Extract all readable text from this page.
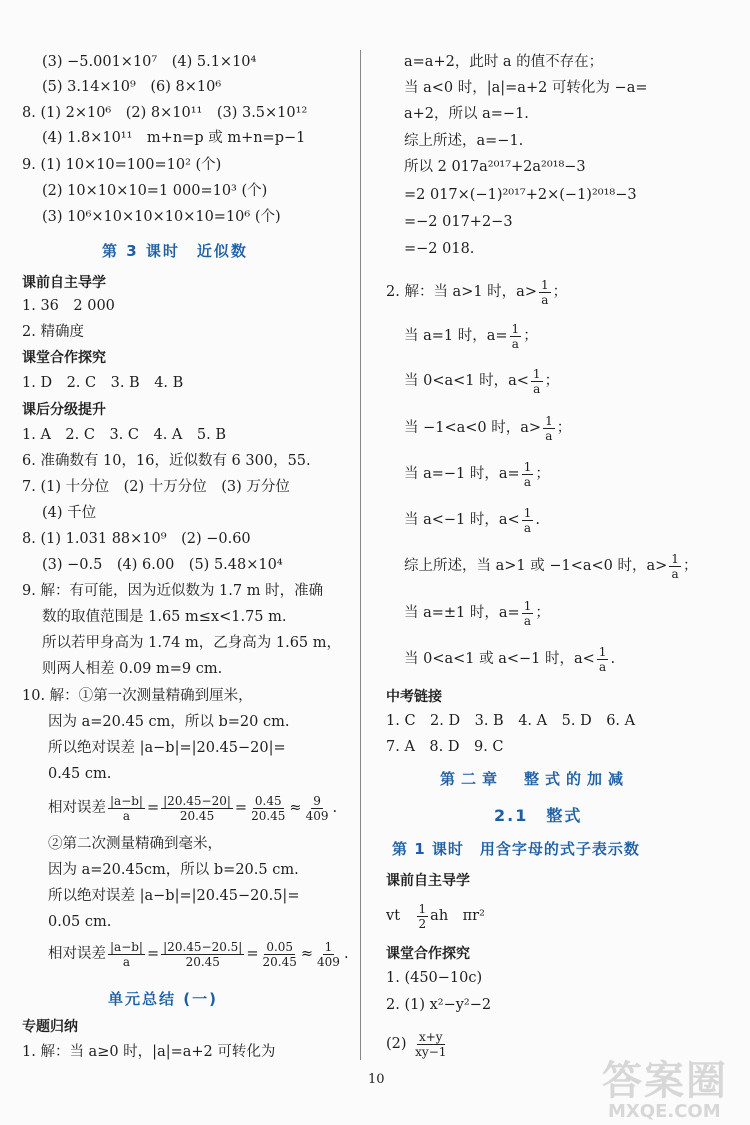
(3) −5.001×10⁷　(4) 5.1×10⁴
(5) 3.14×10⁹　(6) 8×10⁶
8. (1) 2×10⁶　(2) 8×10¹¹　(3) 3.5×10¹²
(4) 1.8×10¹¹　m+n=p 或 m+n=p−1
9. (1) 10×10=100=10² (个)
(2) 10×10×10=1 000=10³ (个)
(3) 10⁶×10×10×10×10=10⁶ (个)
第 3 课时　近似数
课前自主导学
1. 36　2 000
2. 精确度
课堂合作探究
1. D　2. C　3. B　4. B
课后分级提升
1. A　2. C　3. C　4. A　5. B
6. 准确数有 10，16，近似数有 6 300，55.
7. (1) 十分位　(2) 十万分位　(3) 万分位
(4) 千位
8. (1) 1.031 88×10⁹　(2) −0.60
(3) −0.5　(4) 6.00　(5) 5.48×10⁴
9. 解：有可能，因为近似数为 1.7 m 时，准确
数的取值范围是 1.65 m≤x<1.75 m.
所以若甲身高为 1.74 m，乙身高为 1.65 m，
则两人相差 0.09 m=9 cm.
10. 解：①第一次测量精确到厘米，
因为 a=20.45 cm，所以 b=20 cm.
所以绝对误差 |a−b|=|20.45−20|=
0.45 cm.
相对误差 $\frac{|a-b|}{a} = \frac{|20.45-20|}{20.45} = \frac{0.45}{20.45} \approx \frac{9}{409}$ .
②第二次测量精确到毫米，
因为 a=20.45cm，所以 b=20.5 cm.
所以绝对误差 |a−b|=|20.45−20.5|=
0.05 cm.
相对误差 $\frac{|a-b|}{a} = \frac{|20.45-20.5|}{20.45} = \frac{0.05}{20.45} \approx \frac{1}{409}$ .
单元总结 (一)
专题归纳
1. 解：当 a≥0 时，|a|=a+2 可转化为
a=a+2，此时 a 的值不存在；
当 a<0 时，|a|=a+2 可转化为 −a=
a+2，所以 a=−1.
综上所述，a=−1.
所以 2 017a²⁰¹⁷+2a²⁰¹⁸−3
=2 017×(−1)²⁰¹⁷+2×(−1)²⁰¹⁸−3
=−2 017+2−3
=−2 018.
2. 解：当 a>1 时，$a> \frac{1}{a}$ ；
当 a=1 时，$a= \frac{1}{a}$ ；
当 0<a<1 时，$a< \frac{1}{a}$ ；
当 −1<a<0 时，$a> \frac{1}{a}$ ；
当 a=−1 时，$a= \frac{1}{a}$ ；
当 a<−1 时，$a< \frac{1}{a}$ .
综上所述，当 a>1 或 −1<a<0 时，$a> \frac{1}{a}$ ；
当 a=±1 时，$a= \frac{1}{a}$ ；
当 0<a<1 或 a<−1 时，$a< \frac{1}{a}$ .
中考链接
1. C　2. D　3. B　4. A　5. D　6. A
7. A　8. D　9. C
第二章　整式的加减
2.1　整式
第 1 课时　用含字母的式子表示数
课前自主导学
vt　 $\frac{1}{2}$ ah　πr²
课堂合作探究
1. (450−10c)
2. (1) x²−y²−2
$(2) \frac{x+y}{xy-1}$
10	答案圈
MXQE.COM
